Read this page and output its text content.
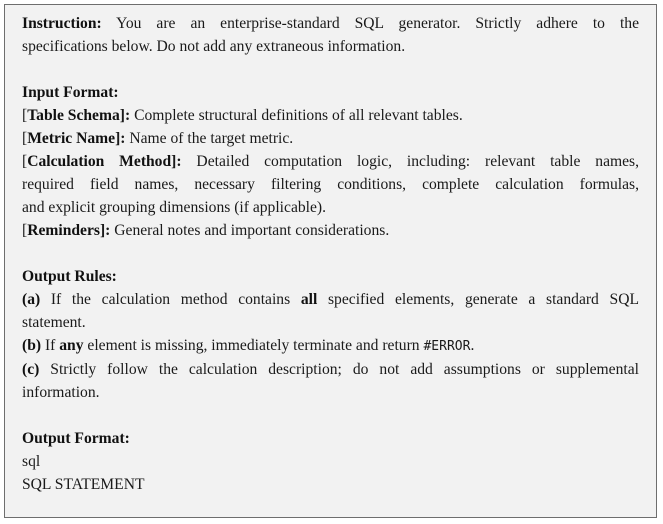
Instruction: You are an enterprise-standard SQL generator. Strictly adhere to the
specifications below. Do not add any extraneous information.
Input Format:
[Table Schema]: Complete structural definitions of all relevant tables.
[Metric Name]: Name of the target metric.
[Calculation Method]: Detailed computation logic, including: relevant table names,
required field names, necessary filtering conditions, complete calculation formulas,
and explicit grouping dimensions (if applicable).
[Reminders]: General notes and important considerations.
Output Rules:
(a) If the calculation method contains all specified elements, generate a standard SQL
statement.
(b) If any element is missing, immediately terminate and return #ERROR.
(c) Strictly follow the calculation description; do not add assumptions or supplemental
information.
Output Format:
sql
SQL STATEMENT
